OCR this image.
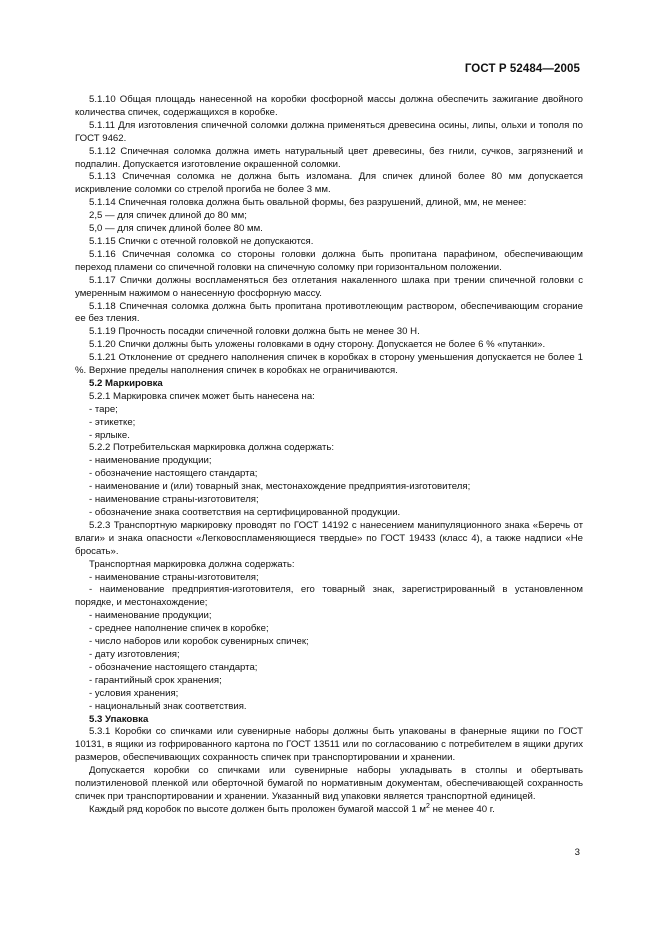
ГОСТ Р 52484—2005

5.1.10 Общая площадь нанесенной на коробки фосфорной массы должна обеспечить зажигание двойного количества спичек, содержащихся в коробке.

5.1.11 Для изготовления спичечной соломки должна применяться древесина осины, липы, ольхи и тополя по ГОСТ 9462.

5.1.12 Спичечная соломка должна иметь натуральный цвет древесины, без гнили, сучков, загрязнений и подпалин. Допускается изготовление окрашенной соломки.

5.1.13 Спичечная соломка не должна быть изломана. Для спичек длиной более 80 мм допускается искривление соломки со стрелой прогиба не более 3 мм.

5.1.14 Спичечная головка должна быть овальной формы, без разрушений, длиной, мм, не менее:

2,5 — для спичек длиной до 80 мм;

5,0 — для спичек длиной более 80 мм.

5.1.15 Спички с отечной головкой не допускаются.

5.1.16 Спичечная соломка со стороны головки должна быть пропитана парафином, обеспечивающим переход пламени со спичечной головки на спичечную соломку при горизонтальном положении.

5.1.17 Спички должны воспламеняться без отлетания накаленного шлака при трении спичечной головки с умеренным нажимом о нанесенную фосфорную массу.

5.1.18 Спичечная соломка должна быть пропитана противотлеющим раствором, обеспечивающим сгорание ее без тления.

5.1.19 Прочность посадки спичечной головки должна быть не менее 30 Н.

5.1.20 Спички должны быть уложены головками в одну сторону. Допускается не более 6 % «путанки».

5.1.21 Отклонение от среднего наполнения спичек в коробках в сторону уменьшения допускается не более 1 %. Верхние пределы наполнения спичек в коробках не ограничиваются.

5.2 Маркировка

5.2.1 Маркировка спичек может быть нанесена на:

- таре;

- этикетке;

- ярлыке.

5.2.2 Потребительская маркировка должна содержать:

- наименование продукции;

- обозначение настоящего стандарта;

- наименование и (или) товарный знак, местонахождение предприятия-изготовителя;

- наименование страны-изготовителя;

- обозначение знака соответствия на сертифицированной продукции.

5.2.3 Транспортную маркировку проводят по ГОСТ 14192 с нанесением манипуляционного знака «Беречь от влаги» и знака опасности «Легковоспламеняющиеся твердые» по ГОСТ 19433 (класс 4), а также надписи «Не бросать».

Транспортная маркировка должна содержать:

- наименование страны-изготовителя;

- наименование предприятия-изготовителя, его товарный знак, зарегистрированный в установленном порядке, и местонахождение;

- наименование продукции;

- среднее наполнение спичек в коробке;

- число наборов или коробок сувенирных спичек;

- дату изготовления;

- обозначение настоящего стандарта;

- гарантийный срок хранения;

- условия хранения;

- национальный знак соответствия.

5.3 Упаковка

5.3.1 Коробки со спичками или сувенирные наборы должны быть упакованы в фанерные ящики по ГОСТ 10131, в ящики из гофрированного картона по ГОСТ 13511 или по согласованию с потребителем в ящики других размеров, обеспечивающих сохранность спичек при транспортировании и хранении.

Допускается коробки со спичками или сувенирные наборы укладывать в столпы и обертывать полиэтиленовой пленкой или оберточной бумагой по нормативным документам, обеспечивающей сохранность спичек при транспортировании и хранении. Указанный вид упаковки является транспортной единицей.

Каждый ряд коробок по высоте должен быть проложен бумагой массой 1 $м^2$ не менее 40 г.

3
